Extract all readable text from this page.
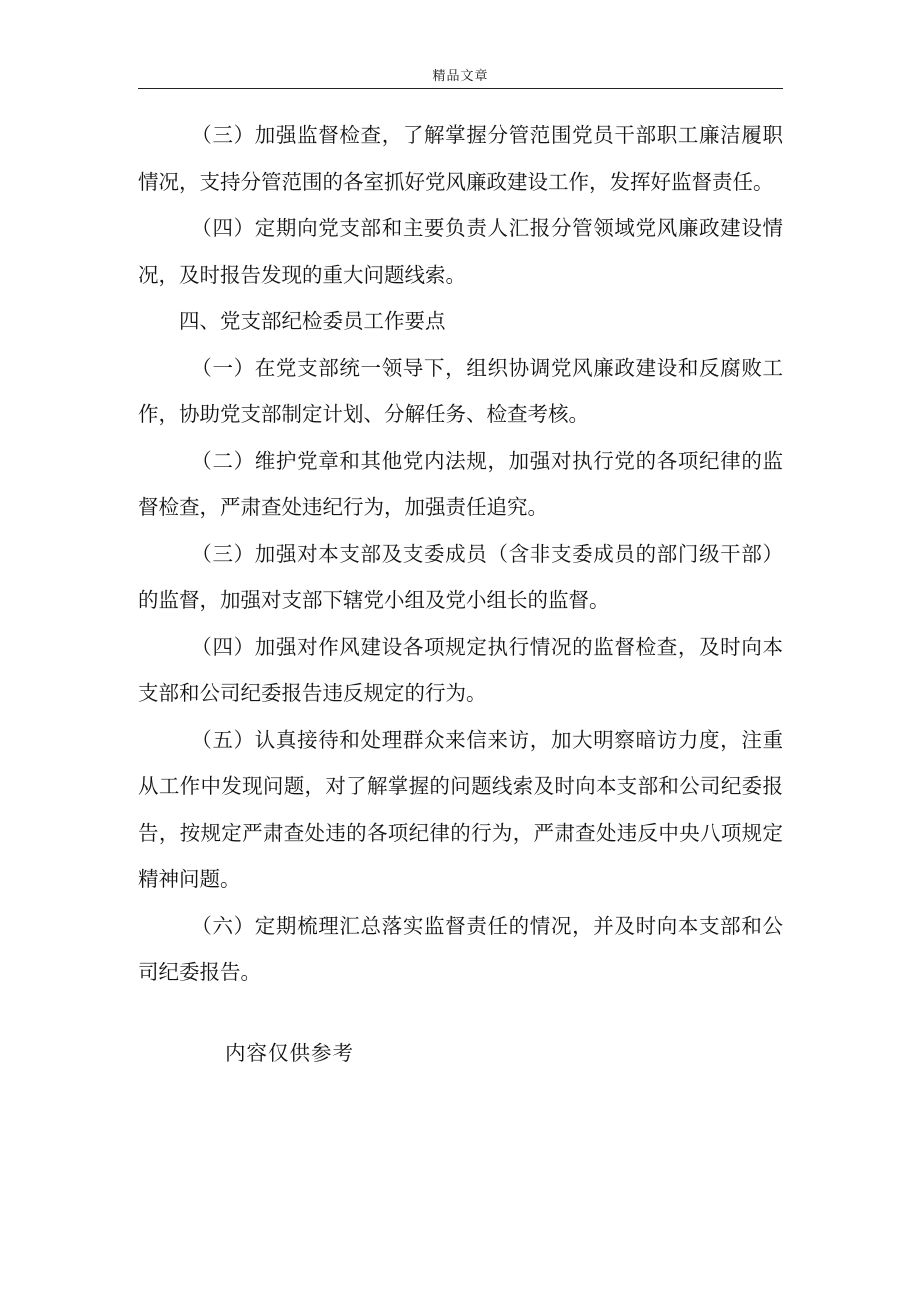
精品文章

（三）加强监督检查，了解掌握分管范围党员干部职工廉洁履职情况，支持分管范围的各室抓好党风廉政建设工作，发挥好监督责任。

（四）定期向党支部和主要负责人汇报分管领域党风廉政建设情况，及时报告发现的重大问题线索。

四、党支部纪检委员工作要点

（一）在党支部统一领导下，组织协调党风廉政建设和反腐败工作，协助党支部制定计划、分解任务、检查考核。

（二）维护党章和其他党内法规，加强对执行党的各项纪律的监督检查，严肃查处违纪行为，加强责任追究。

（三）加强对本支部及支委成员（含非支委成员的部门级干部）的监督，加强对支部下辖党小组及党小组长的监督。

（四）加强对作风建设各项规定执行情况的监督检查，及时向本支部和公司纪委报告违反规定的行为。

（五）认真接待和处理群众来信来访，加大明察暗访力度，注重从工作中发现问题，对了解掌握的问题线索及时向本支部和公司纪委报告，按规定严肃查处违的各项纪律的行为，严肃查处违反中央八项规定精神问题。

（六）定期梳理汇总落实监督责任的情况，并及时向本支部和公司纪委报告。

内容仅供参考
